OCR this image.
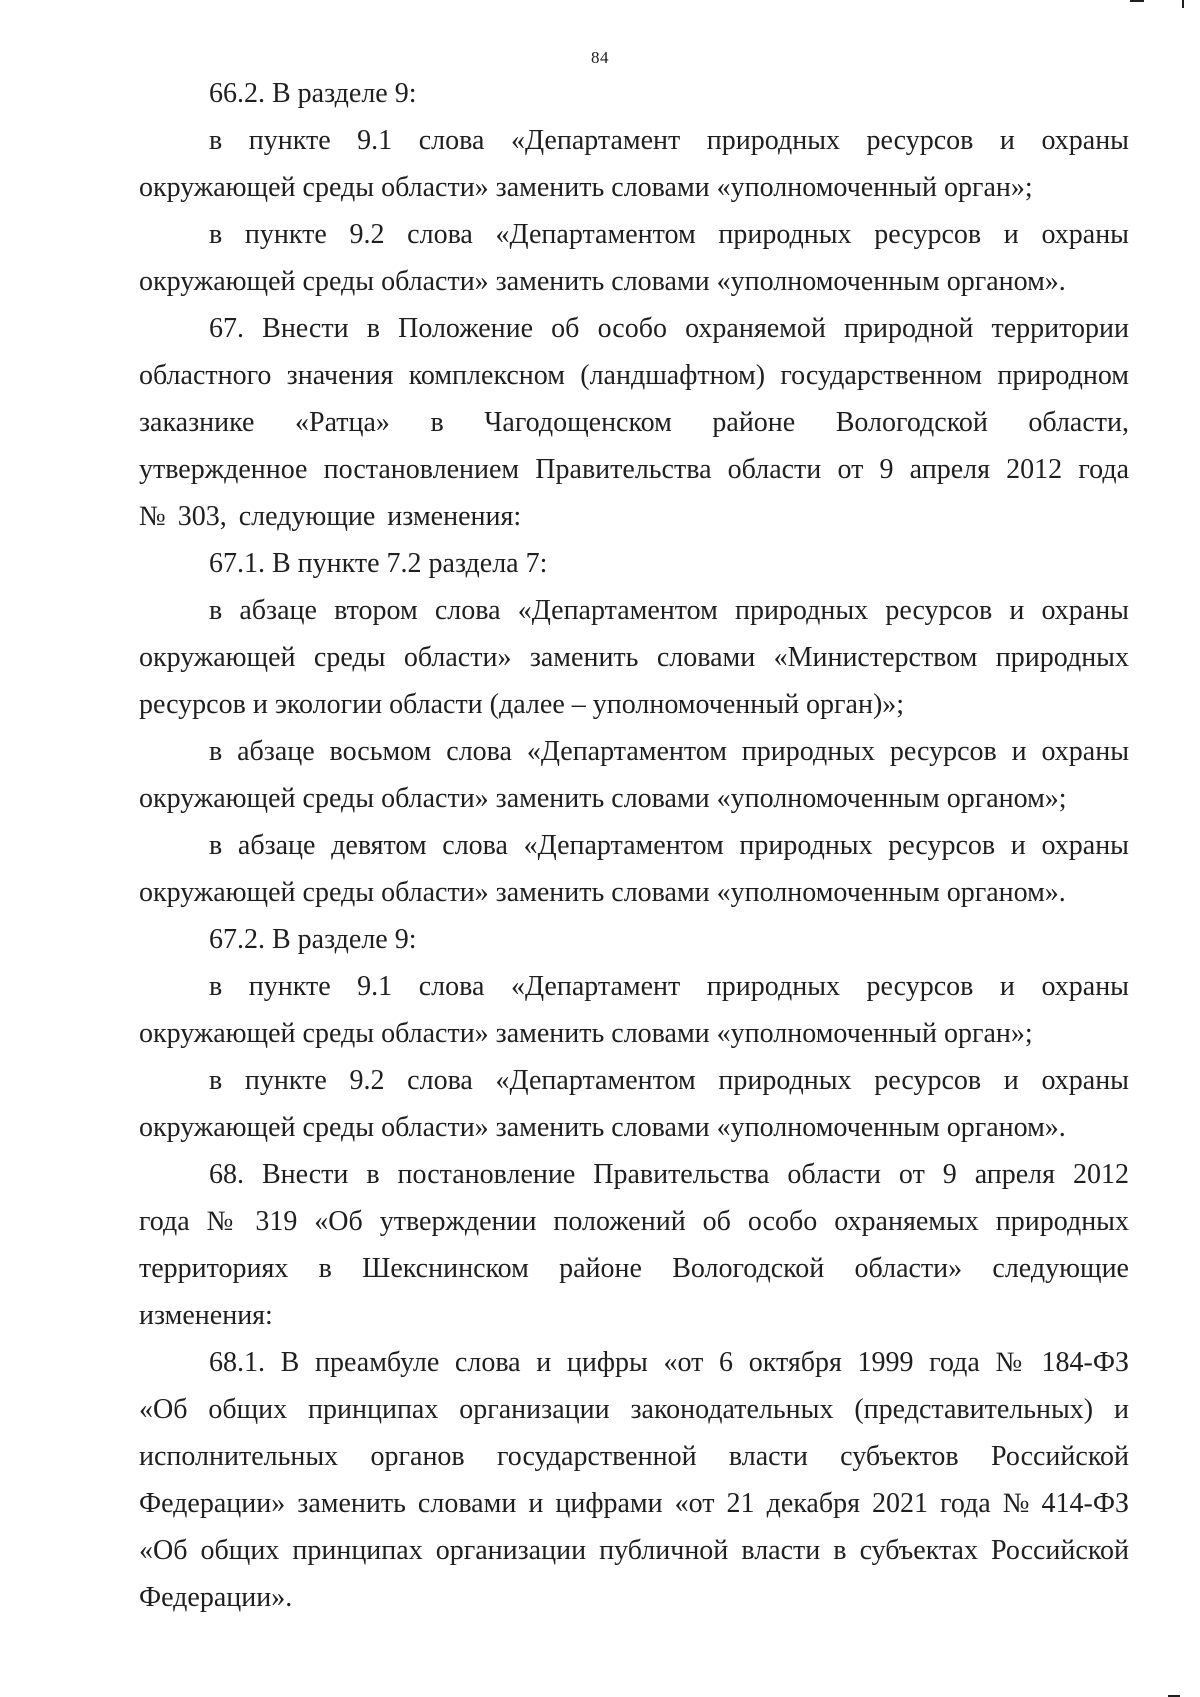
84

66.2. В разделе 9:

в пункте 9.1 слова «Департамент природных ресурсов и охраны окружающей среды области» заменить словами «уполномоченный орган»;

в пункте 9.2 слова «Департаментом природных ресурсов и охраны окружающей среды области» заменить словами «уполномоченным органом».

67. Внести в Положение об особо охраняемой природной территории областного значения комплексном (ландшафтном) государственном природном заказнике «Ратца» в Чагодощенском районе Вологодской области, утвержденное постановлением Правительства области от 9 апреля 2012 года № 303, следующие изменения:

67.1. В пункте 7.2 раздела 7:

в абзаце втором слова «Департаментом природных ресурсов и охраны окружающей среды области» заменить словами «Министерством природных ресурсов и экологии области (далее – уполномоченный орган)»;

в абзаце восьмом слова «Департаментом природных ресурсов и охраны окружающей среды области» заменить словами «уполномоченным органом»;

в абзаце девятом слова «Департаментом природных ресурсов и охраны окружающей среды области» заменить словами «уполномоченным органом».

67.2. В разделе 9:

в пункте 9.1 слова «Департамент природных ресурсов и охраны окружающей среды области» заменить словами «уполномоченный орган»;

в пункте 9.2 слова «Департаментом природных ресурсов и охраны окружающей среды области» заменить словами «уполномоченным органом».

68. Внести в постановление Правительства области от 9 апреля 2012 года № 319 «Об утверждении положений об особо охраняемых природных территориях в Шекснинском районе Вологодской области» следующие изменения:

68.1. В преамбуле слова и цифры «от 6 октября 1999 года № 184-ФЗ «Об общих принципах организации законодательных (представительных) и исполнительных органов государственной власти субъектов Российской Федерации» заменить словами и цифрами «от 21 декабря 2021 года № 414-ФЗ «Об общих принципах организации публичной власти в субъектах Российской Федерации».
